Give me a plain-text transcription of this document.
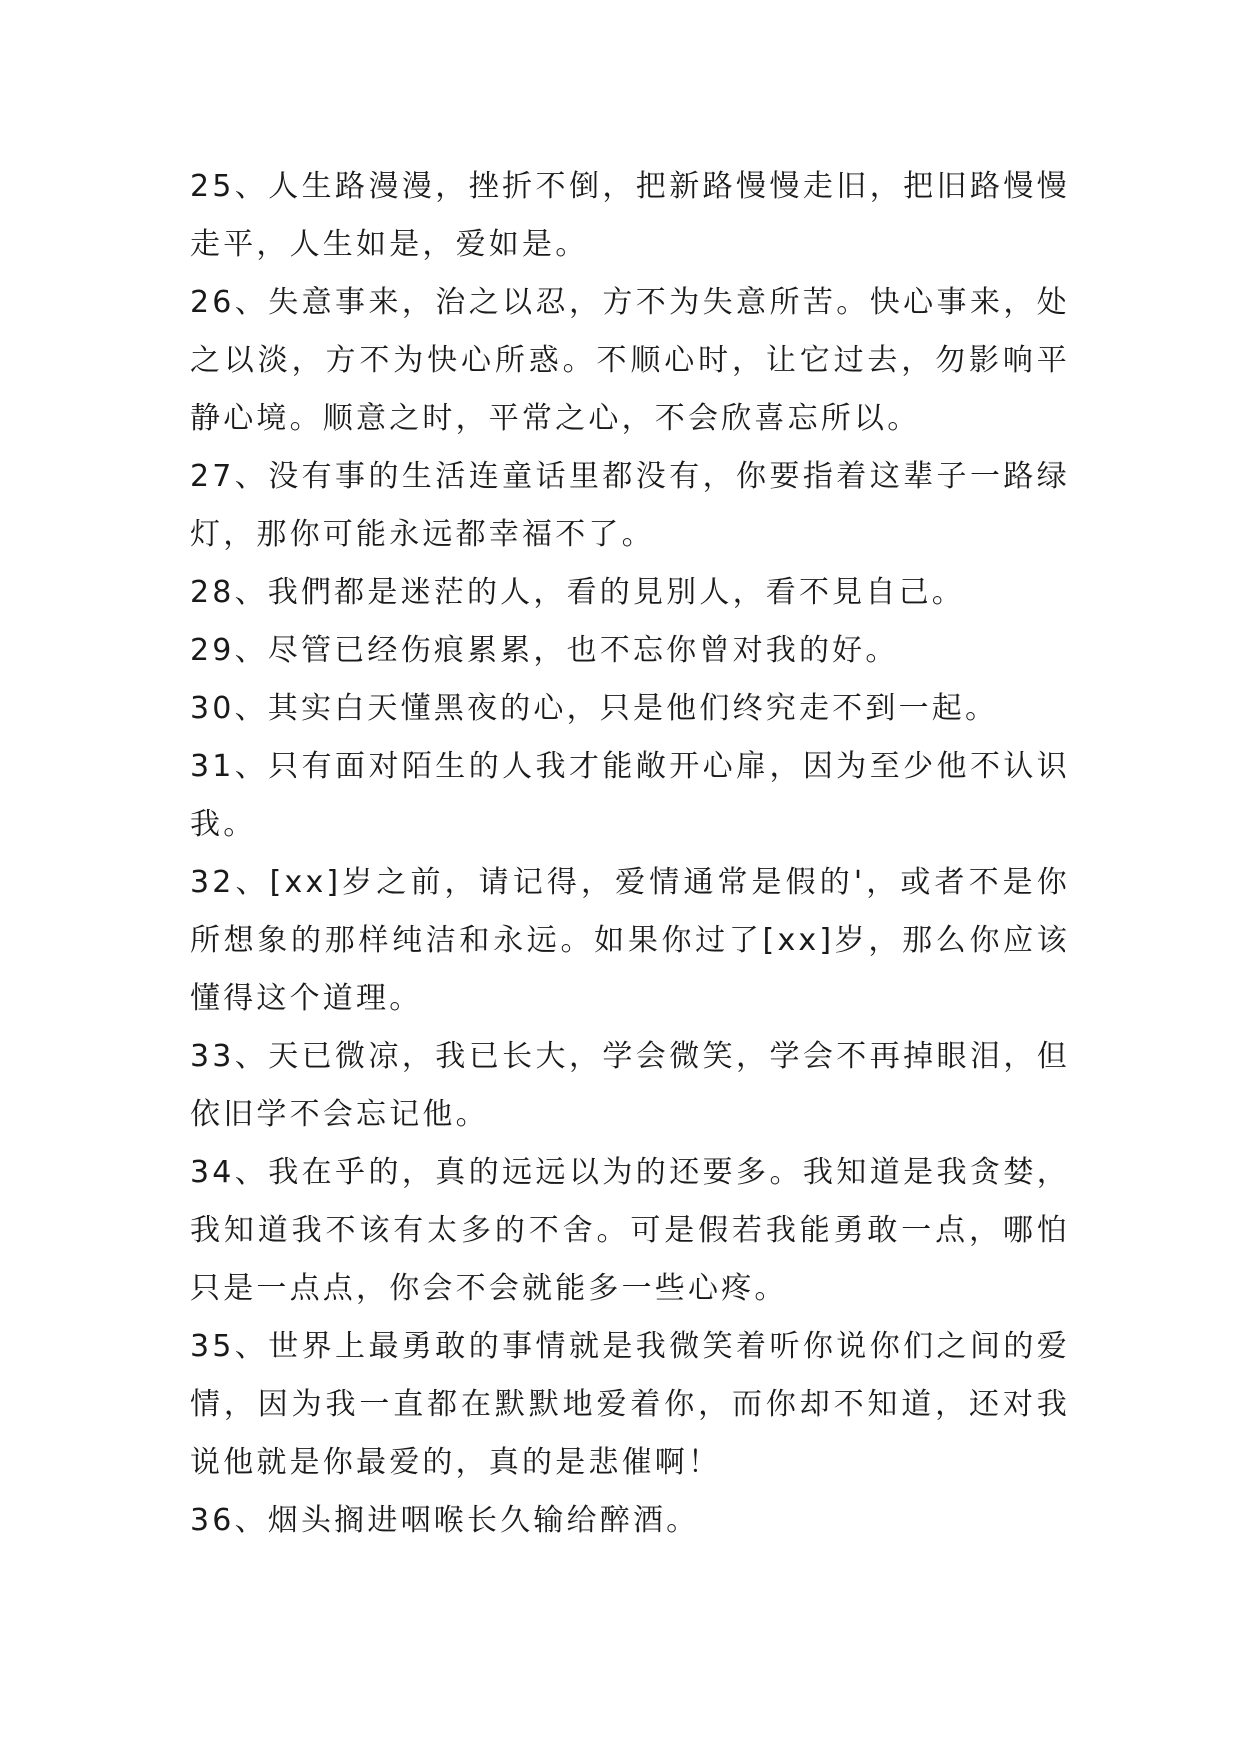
25、人生路漫漫，挫折不倒，把新路慢慢走旧，把旧路慢慢走平，人生如是，爱如是。

26、失意事来，治之以忍，方不为失意所苦。快心事来，处之以淡，方不为快心所惑。不顺心时，让它过去，勿影响平静心境。顺意之时，平常之心，不会欣喜忘所以。

27、没有事的生活连童话里都没有，你要指着这辈子一路绿灯，那你可能永远都幸福不了。

28、我們都是迷茫的人，看的見別人，看不見自己。

29、尽管已经伤痕累累，也不忘你曾对我的好。

30、其实白天懂黑夜的心，只是他们终究走不到一起。

31、只有面对陌生的人我才能敞开心扉，因为至少他不认识我。

32、[xx]岁之前，请记得，爱情通常是假的'，或者不是你所想象的那样纯洁和永远。如果你过了[xx]岁，那么你应该懂得这个道理。

33、天已微凉，我已长大，学会微笑，学会不再掉眼泪，但依旧学不会忘记他。

34、我在乎的，真的远远以为的还要多。我知道是我贪婪，我知道我不该有太多的不舍。可是假若我能勇敢一点，哪怕只是一点点，你会不会就能多一些心疼。

35、世界上最勇敢的事情就是我微笑着听你说你们之间的爱情，因为我一直都在默默地爱着你，而你却不知道，还对我说他就是你最爱的，真的是悲催啊！

36、烟头搁进咽喉长久输给醉酒。
